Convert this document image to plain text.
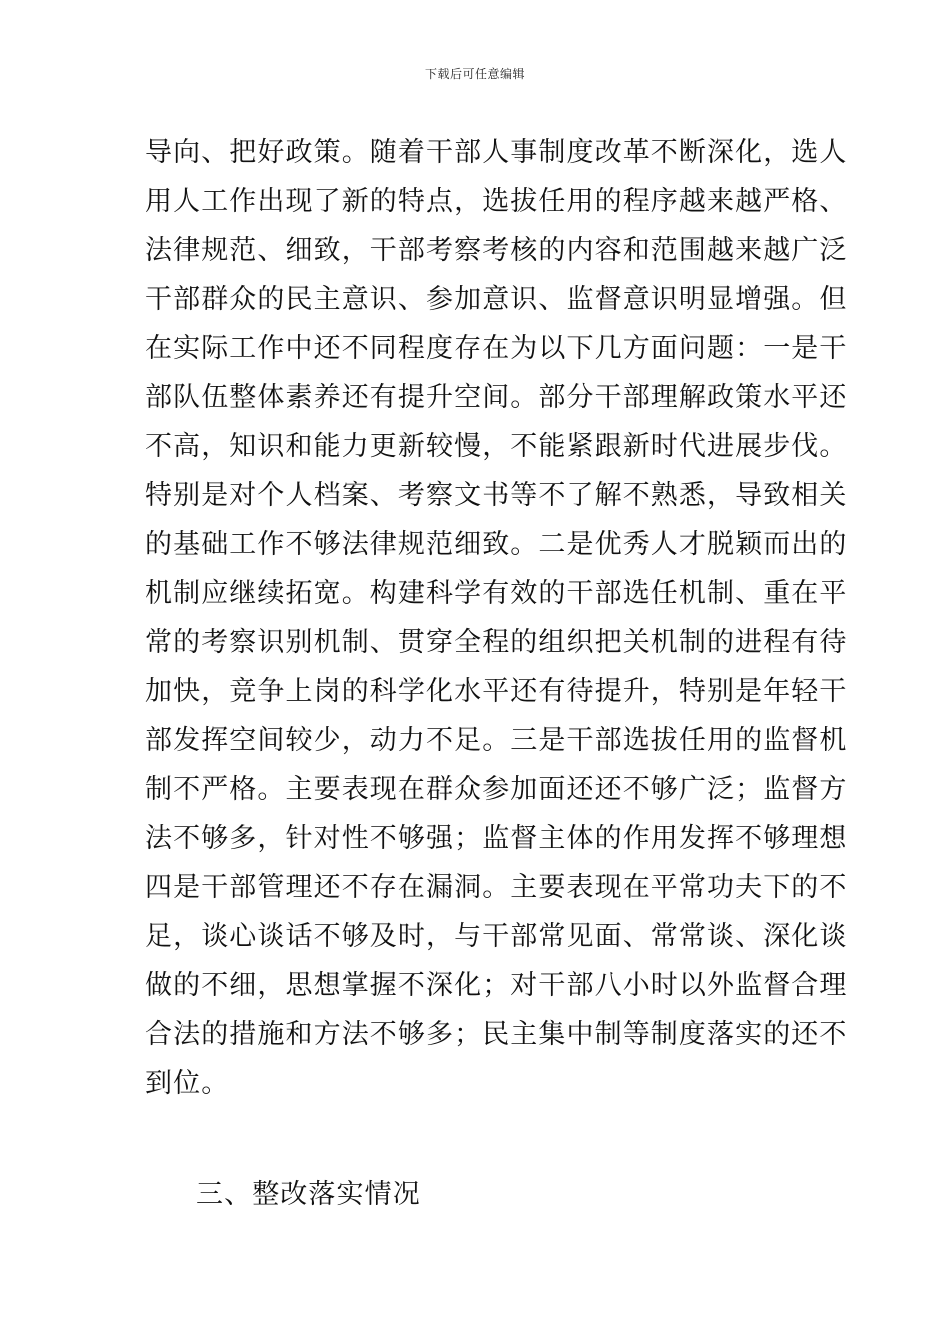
下载后可任意编辑
导向、把好政策。随着干部人事制度改革不断深化，选人
用人工作出现了新的特点，选拔任用的程序越来越严格、
法律规范、细致，干部考察考核的内容和范围越来越广泛
干部群众的民主意识、参加意识、监督意识明显增强。但
在实际工作中还不同程度存在为以下几方面问题：一是干
部队伍整体素养还有提升空间。部分干部理解政策水平还
不高，知识和能力更新较慢，不能紧跟新时代进展步伐。
特别是对个人档案、考察文书等不了解不熟悉，导致相关
的基础工作不够法律规范细致。二是优秀人才脱颖而出的
机制应继续拓宽。构建科学有效的干部选任机制、重在平
常的考察识别机制、贯穿全程的组织把关机制的进程有待
加快，竞争上岗的科学化水平还有待提升，特别是年轻干
部发挥空间较少，动力不足。三是干部选拔任用的监督机
制不严格。主要表现在群众参加面还还不够广泛；监督方
法不够多，针对性不够强；监督主体的作用发挥不够理想
四是干部管理还不存在漏洞。主要表现在平常功夫下的不
足，谈心谈话不够及时，与干部常见面、常常谈、深化谈
做的不细，思想掌握不深化；对干部八小时以外监督合理
合法的措施和方法不够多；民主集中制等制度落实的还不
到位。
三、整改落实情况
